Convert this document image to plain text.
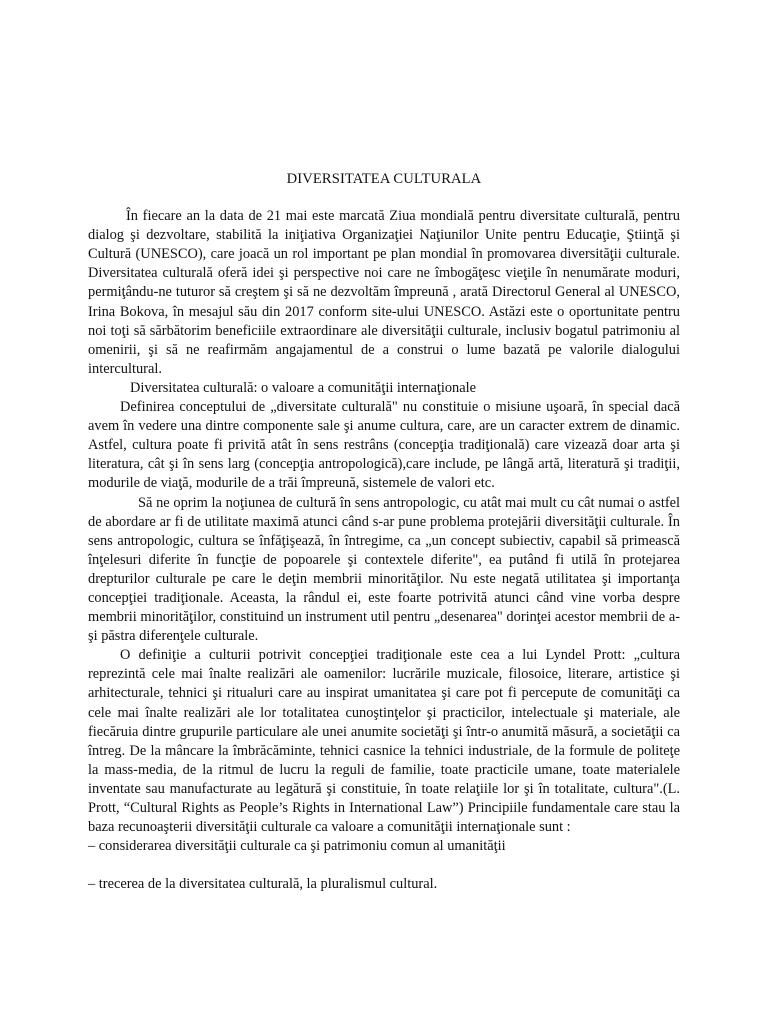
DIVERSITATEA CULTURALA

În fiecare an la data de 21 mai este marcată Ziua mondială pentru diversitate culturală, pentru dialog şi dezvoltare, stabilită la iniţiativa Organizaţiei Naţiunilor Unite pentru Educaţie, Ştiinţă şi Cultură (UNESCO), care joacă un rol important pe plan mondial în promovarea diversităţii culturale. Diversitatea culturală oferă idei şi perspective noi care ne îmbogăţesc vieţile în nenumărate moduri, permiţându-ne tuturor să creştem şi să ne dezvoltăm împreună , arată Directorul General al UNESCO, Irina Bokova, în mesajul său din 2017 conform site-ului UNESCO. Astăzi este o oportunitate pentru noi toţi să sărbătorim beneficiile extraordinare ale diversităţii culturale, inclusiv bogatul patrimoniu al omenirii, şi să ne reafirmăm angajamentul de a construi o lume bazată pe valorile dialogului intercultural.

Diversitatea culturală: o valoare a comunităţii internaţionale

Definirea conceptului de „diversitate culturală" nu constituie o misiune uşoară, în special dacă avem în vedere una dintre componente sale şi anume cultura, care, are un caracter extrem de dinamic. Astfel, cultura poate fi privită atât în sens restrâns (concepţia tradiţională) care vizează doar arta şi literatura, cât şi în sens larg (concepţia antropologică),care include, pe lângă artă, literatură şi tradiţii, modurile de viaţă, modurile de a trăi împreună, sistemele de valori etc.

Să ne oprim la noţiunea de cultură în sens antropologic, cu atât mai mult cu cât numai o astfel de abordare ar fi de utilitate maximă atunci când s-ar pune problema protejării diversităţii culturale. În sens antropologic, cultura se înfăţişează, în întregime, ca „un concept subiectiv, capabil să primească înţelesuri diferite în funcţie de popoarele şi contextele diferite", ea putând fi utilă în protejarea drepturilor culturale pe care le deţin membrii minorităţilor. Nu este negată utilitatea şi importanţa concepţiei tradiţionale. Aceasta, la rândul ei, este foarte potrivită atunci când vine vorba despre membrii minorităţilor, constituind un instrument util pentru „desenarea" dorinţei acestor membrii de a-şi păstra diferenţele culturale.

O definiţie a culturii potrivit concepţiei tradiţionale este cea a lui Lyndel Prott: „cultura reprezintă cele mai înalte realizări ale oamenilor: lucrările muzicale, filosoice, literare, artistice şi arhitecturale, tehnici şi ritualuri care au inspirat umanitatea şi care pot fi percepute de comunităţi ca cele mai înalte realizări ale lor totalitatea cunoştinţelor şi practicilor, intelectuale şi materiale, ale fiecăruia dintre grupurile particulare ale unei anumite societăţi şi într-o anumită măsură, a societăţii ca întreg. De la mâncare la îmbrăcăminte, tehnici casnice la tehnici industriale, de la formule de politeţe la mass-media, de la ritmul de lucru la reguli de familie, toate practicile umane, toate materialele inventate sau manufacturate au legătură şi constituie, în toate relaţiile lor şi în totalitate, cultura".(L. Prott, “Cultural Rights as People’s Rights in International Law”) Principiile fundamentale care stau la baza recunoaşterii diversităţii culturale ca valoare a comunităţii internaţionale sunt :

– considerarea diversităţii culturale ca şi patrimoniu comun al umanităţii

– trecerea de la diversitatea culturală, la pluralismul cultural.
